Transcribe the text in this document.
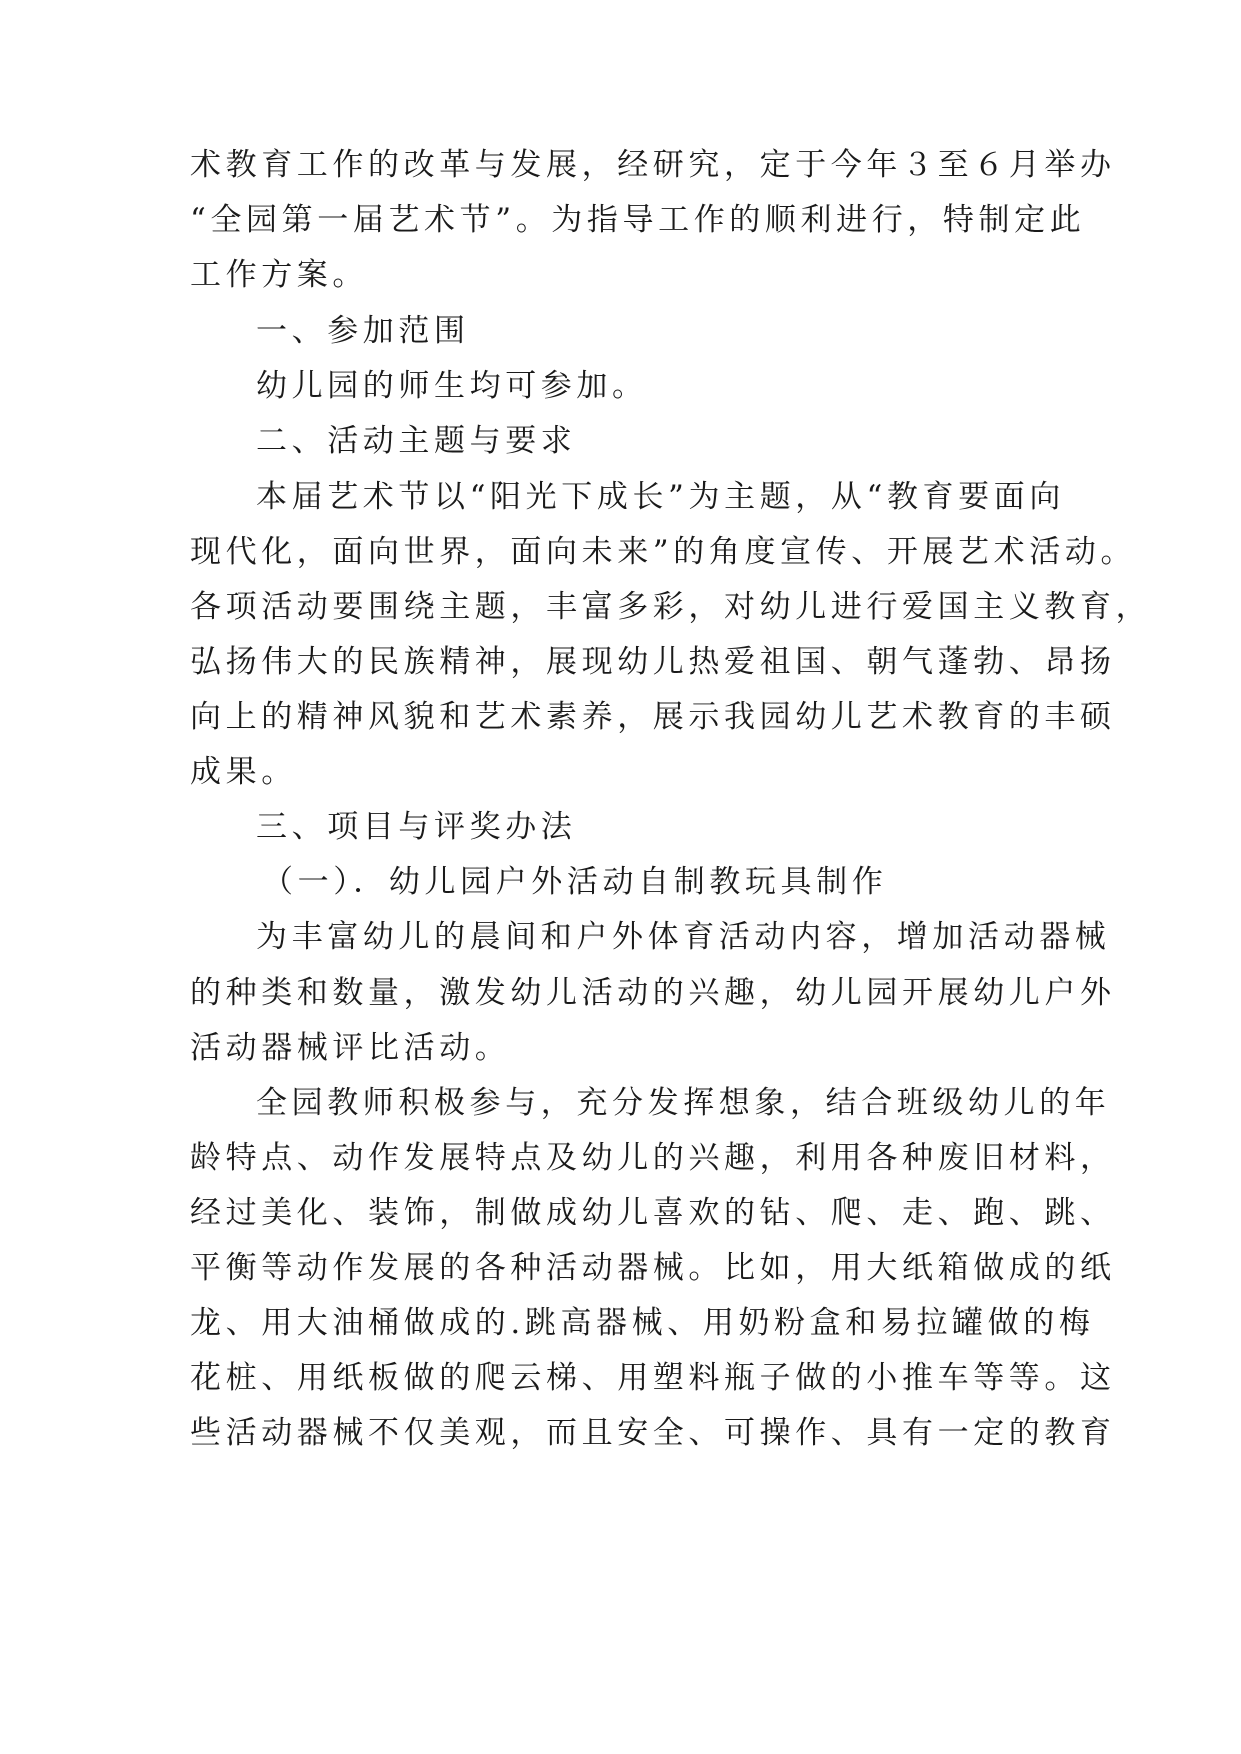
术教育工作的改革与发展，经研究，定于今年３至６月举办
“全园第一届艺术节”。为指导工作的顺利进行，特制定此
工作方案。
一、参加范围
幼儿园的师生均可参加。
二、活动主题与要求
本届艺术节以“阳光下成长”为主题，从“教育要面向
现代化，面向世界，面向未来”的角度宣传、开展艺术活动。
各项活动要围绕主题，丰富多彩，对幼儿进行爱国主义教育，
弘扬伟大的民族精神，展现幼儿热爱祖国、朝气蓬勃、昂扬
向上的精神风貌和艺术素养，展示我园幼儿艺术教育的丰硕
成果。
三、项目与评奖办法
（一）．幼儿园户外活动自制教玩具制作
为丰富幼儿的晨间和户外体育活动内容，增加活动器械
的种类和数量，激发幼儿活动的兴趣，幼儿园开展幼儿户外
活动器械评比活动。
全园教师积极参与，充分发挥想象，结合班级幼儿的年
龄特点、动作发展特点及幼儿的兴趣，利用各种废旧材料，
经过美化、装饰，制做成幼儿喜欢的钻、爬、走、跑、跳、
平衡等动作发展的各种活动器械。比如，用大纸箱做成的纸
龙、用大油桶做成的.跳高器械、用奶粉盒和易拉罐做的梅
花桩、用纸板做的爬云梯、用塑料瓶子做的小推车等等。这
些活动器械不仅美观，而且安全、可操作、具有一定的教育
